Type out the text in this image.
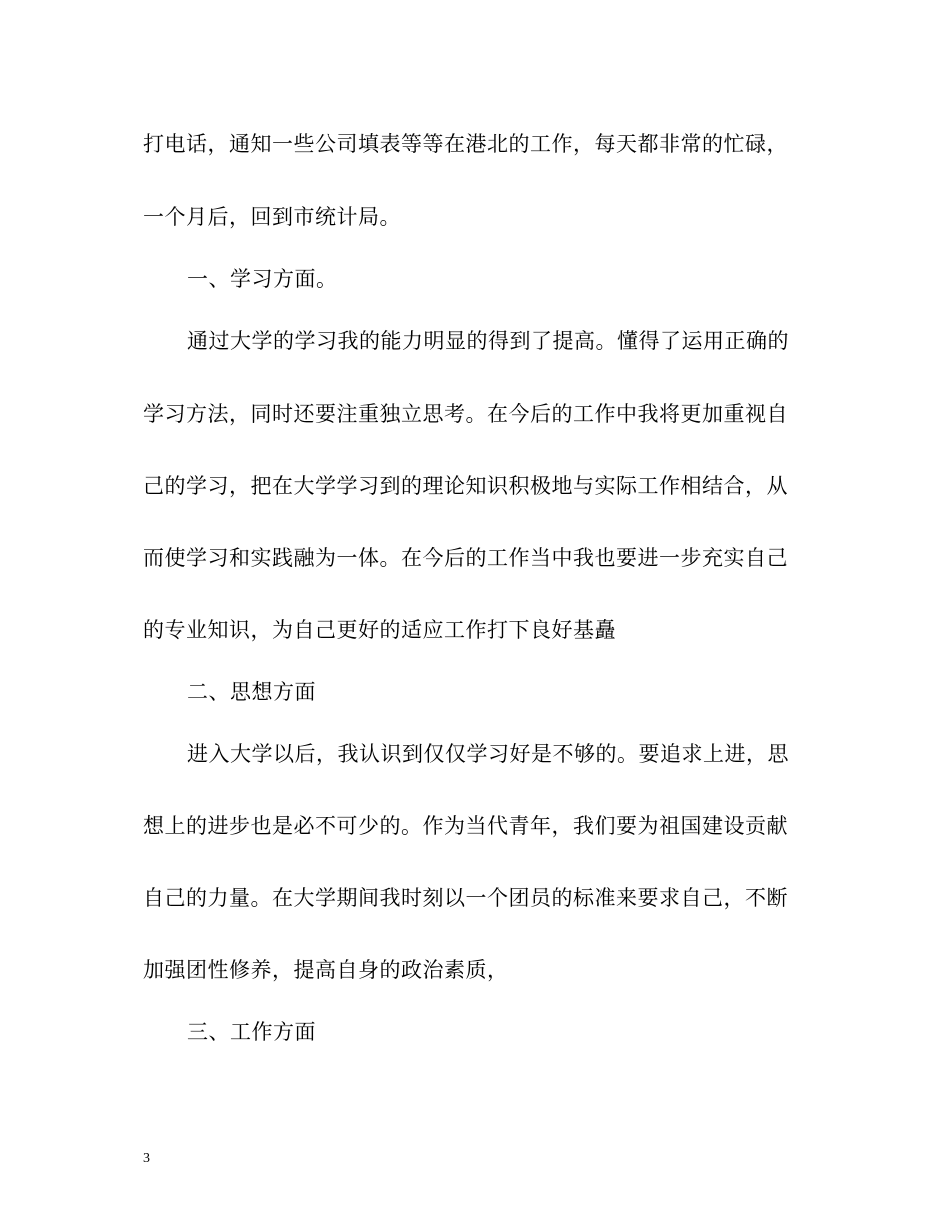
打电话，通知一些公司填表等等在港北的工作，每天都非常的忙碌，
一个月后，回到市统计局。
一、学习方面。
通过大学的学习我的能力明显的得到了提高。懂得了运用正确的
学习方法，同时还要注重独立思考。在今后的工作中我将更加重视自
己的学习，把在大学学习到的理论知识积极地与实际工作相结合，从
而使学习和实践融为一体。在今后的工作当中我也要进一步充实自己
的专业知识，为自己更好的适应工作打下良好基矗
二、思想方面
进入大学以后，我认识到仅仅学习好是不够的。要追求上进，思
想上的进步也是必不可少的。作为当代青年，我们要为祖国建设贡献
自己的力量。在大学期间我时刻以一个团员的标准来要求自己，不断
加强团性修养，提高自身的政治素质，
三、工作方面
3
